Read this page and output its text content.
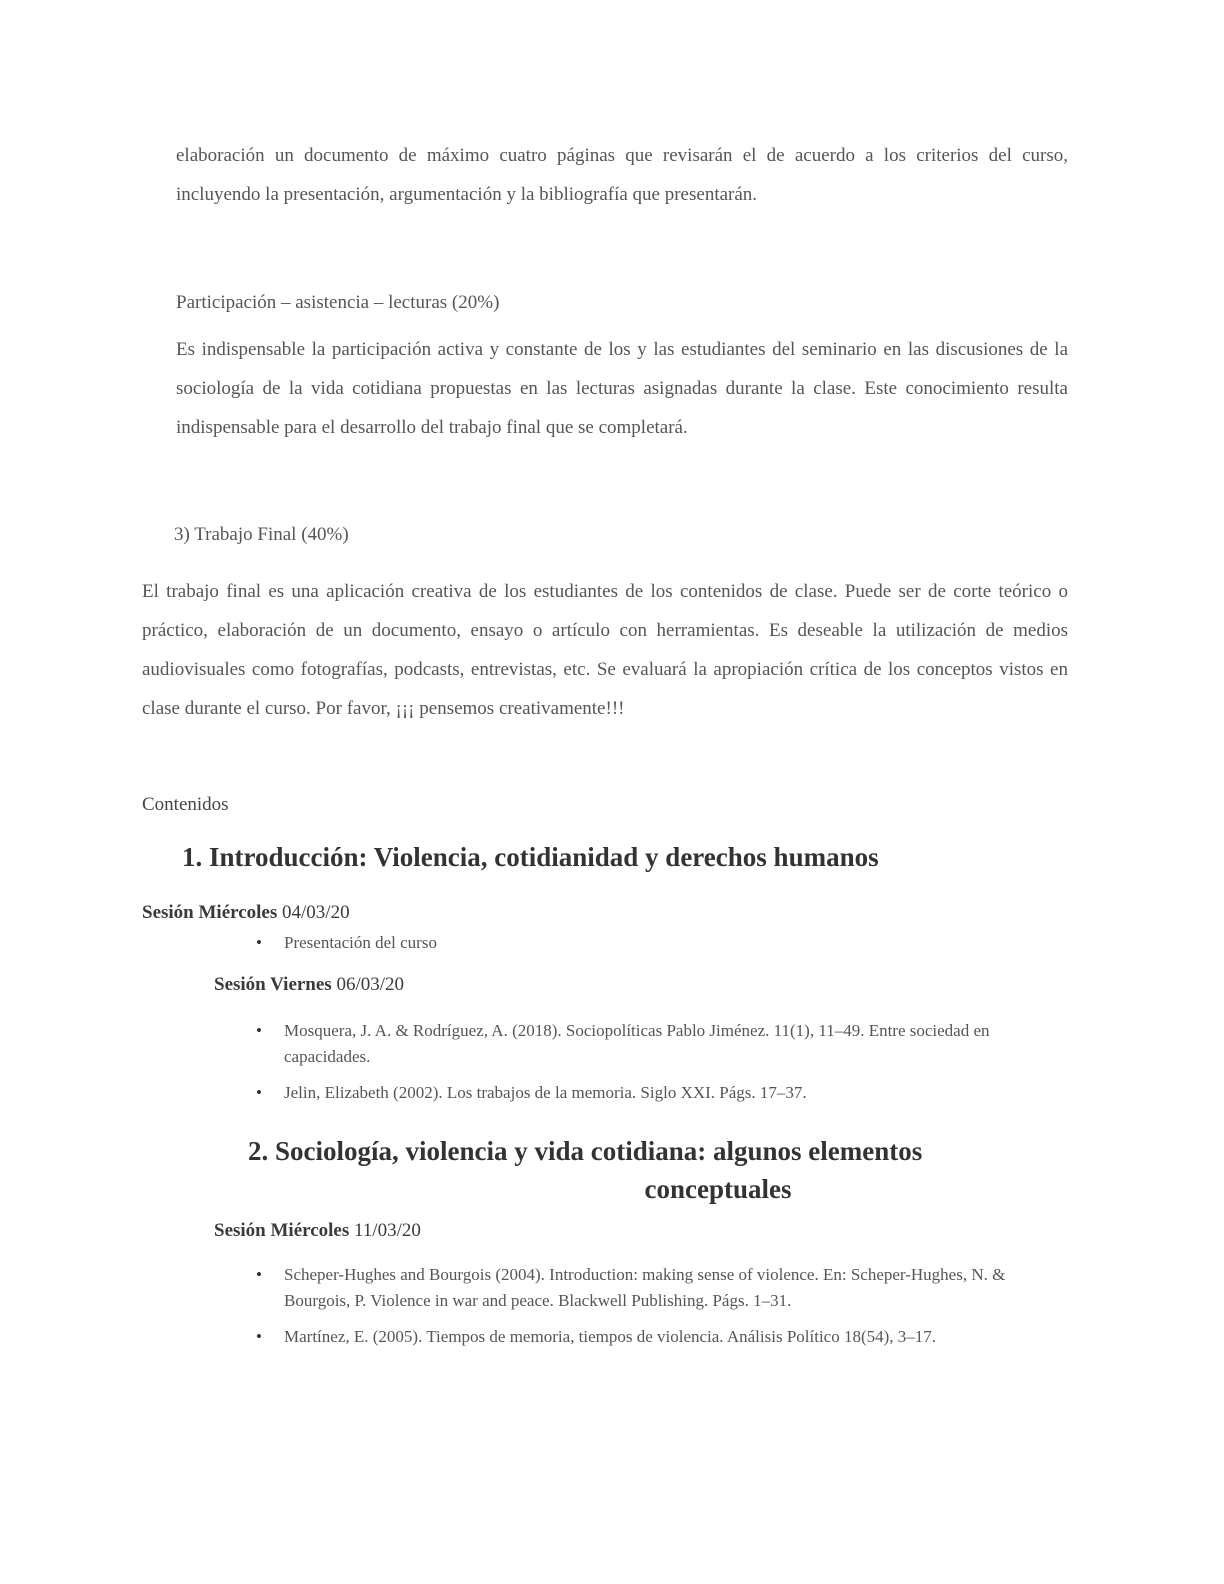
elaboración un documento de máximo cuatro páginas que revisarán el de acuerdo a los criterios del curso, incluyendo la presentación, argumentación y la bibliografía que presentarán.
Participación – asistencia – lecturas (20%)
Es indispensable la participación activa y constante de los y las estudiantes del seminario en las discusiones de la sociología de la vida cotidiana propuestas en las lecturas asignadas durante la clase. Este conocimiento resulta indispensable para el desarrollo del trabajo final que se completará.
3) Trabajo Final (40%)
El trabajo final es una aplicación creativa de los estudiantes de los contenidos de clase. Puede ser de corte teórico o práctico, elaboración de un documento, ensayo o artículo con herramientas. Es deseable la utilización de medios audiovisuales como fotografías, podcasts, entrevistas, etc. Se evaluará la apropiación crítica de los conceptos vistos en clase durante el curso. Por favor, ¡¡¡ pensemos creativamente!!!
Contenidos
1. Introducción: Violencia, cotidianidad y derechos humanos
Sesión Miércoles 04/03/20
• Presentación del curso
Sesión Viernes 06/03/20
• Mosquera, J. A. & Rodríguez, A. (2018). Sociopolíticas Pablo Jiménez. 11(1), 11–49. Entre sociedad en capacidades.
• Jelin, Elizabeth (2002). Los trabajos de la memoria. Siglo XXI. Págs. 17–37.
2. Sociología, violencia y vida cotidiana: algunos elementos
conceptuales
Sesión Miércoles 11/03/20
• Scheper-Hughes and Bourgois (2004). Introduction: making sense of violence. En: Scheper-Hughes, N. & Bourgois, P. Violence in war and peace. Blackwell Publishing. Págs. 1–31.
• Martínez, E. (2005). Tiempos de memoria, tiempos de violencia. Análisis Político 18(54), 3–17.
